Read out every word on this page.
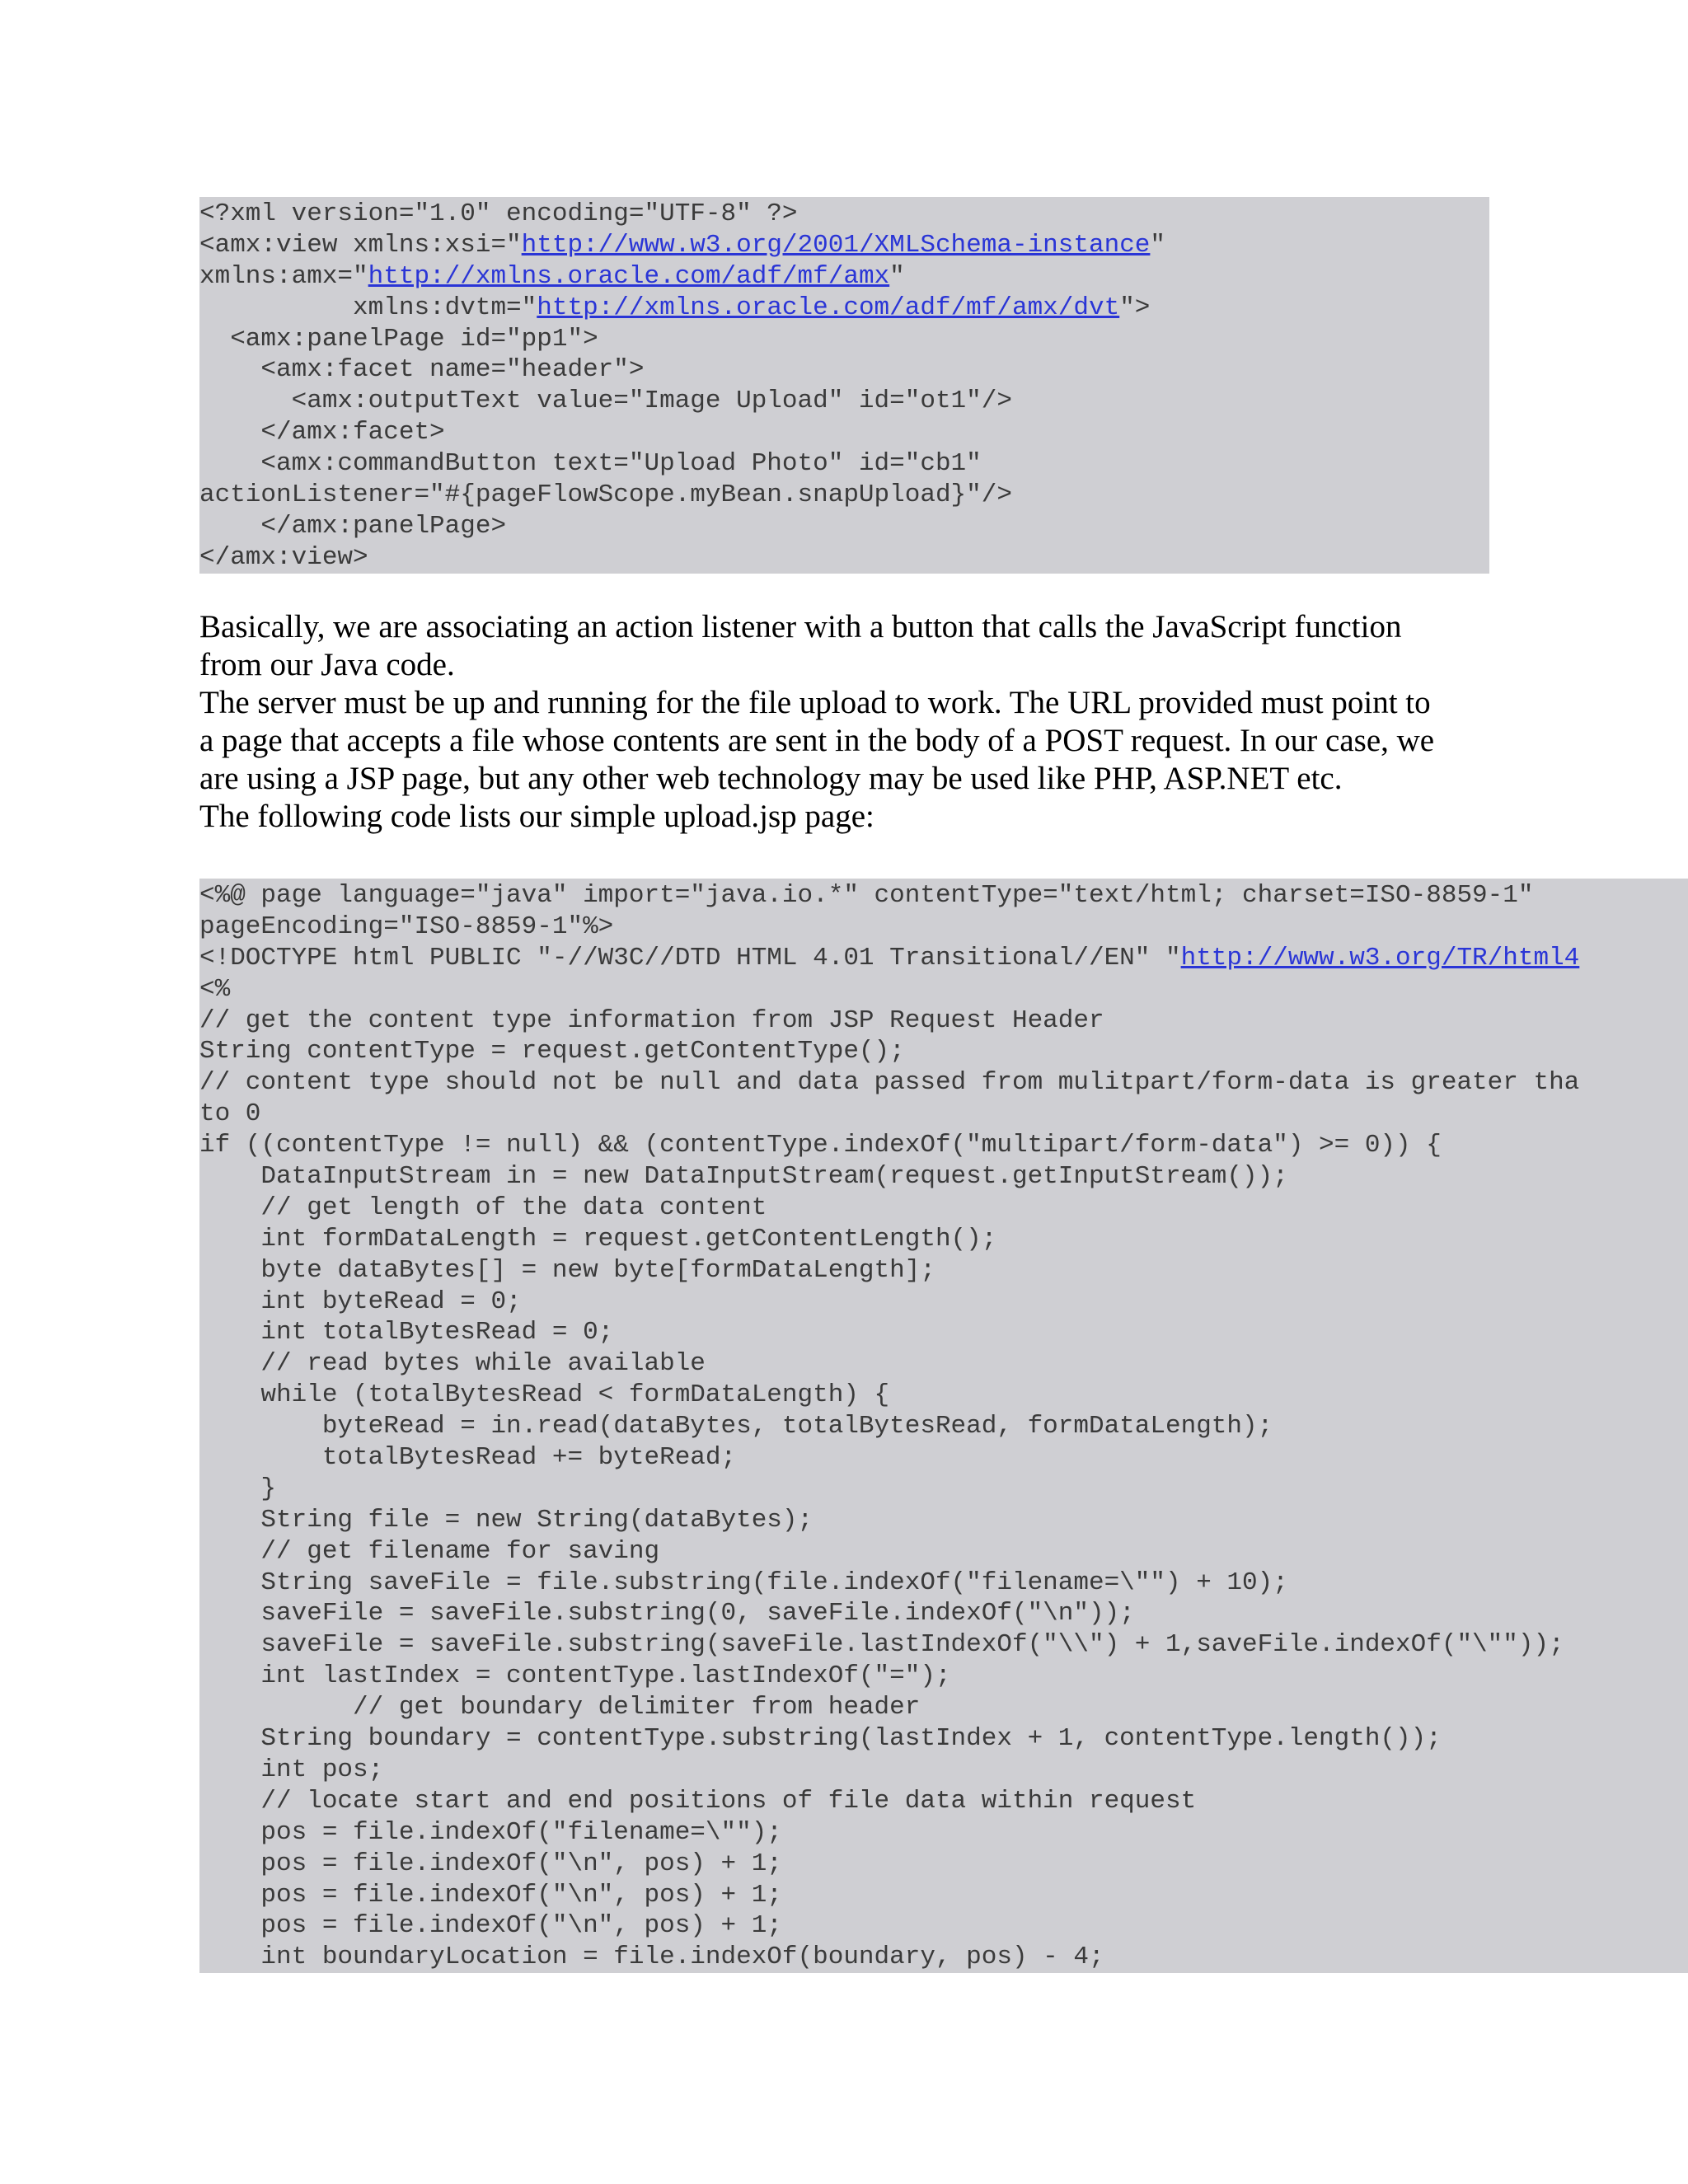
<?xml version="1.0" encoding="UTF-8" ?>
<amx:view xmlns:xsi="http://www.w3.org/2001/XMLSchema-instance"
xmlns:amx="http://xmlns.oracle.com/adf/mf/amx"
xmlns:dvtm="http://xmlns.oracle.com/adf/mf/amx/dvt">
<amx:panelPage id="pp1">
<amx:facet name="header">
<amx:outputText value="Image Upload" id="ot1"/>
</amx:facet>
<amx:commandButton text="Upload Photo" id="cb1"
actionListener="#{pageFlowScope.myBean.snapUpload}"/>
</amx:panelPage>
</amx:view>
Basically, we are associating an action listener with a button that calls the JavaScript function
from our Java code.
The server must be up and running for the file upload to work. The URL provided must point to
a page that accepts a file whose contents are sent in the body of a POST request. In our case, we
are using a JSP page, but any other web technology may be used like PHP, ASP.NET etc.
The following code lists our simple upload.jsp page:
<%@ page language="java" import="java.io.*" contentType="text/html; charset=ISO-8859-1"
pageEncoding="ISO-8859-1"%>
<!DOCTYPE html PUBLIC "-//W3C//DTD HTML 4.01 Transitional//EN" "http://www.w3.org/TR/html4
<%
// get the content type information from JSP Request Header
String contentType = request.getContentType();
// content type should not be null and data passed from mulitpart/form-data is greater tha
to 0
if ((contentType != null) && (contentType.indexOf("multipart/form-data") >= 0)) {
DataInputStream in = new DataInputStream(request.getInputStream());
// get length of the data content
int formDataLength = request.getContentLength();
byte dataBytes[] = new byte[formDataLength];
int byteRead = 0;
int totalBytesRead = 0;
// read bytes while available
while (totalBytesRead < formDataLength) {
byteRead = in.read(dataBytes, totalBytesRead, formDataLength);
totalBytesRead += byteRead;
}
String file = new String(dataBytes);
// get filename for saving
String saveFile = file.substring(file.indexOf("filename=\"") + 10);
saveFile = saveFile.substring(0, saveFile.indexOf("\n"));
saveFile = saveFile.substring(saveFile.lastIndexOf("\\") + 1,saveFile.indexOf("\""));
int lastIndex = contentType.lastIndexOf("=");
// get boundary delimiter from header
String boundary = contentType.substring(lastIndex + 1, contentType.length());
int pos;
// locate start and end positions of file data within request
pos = file.indexOf("filename=\"");
pos = file.indexOf("\n", pos) + 1;
pos = file.indexOf("\n", pos) + 1;
pos = file.indexOf("\n", pos) + 1;
int boundaryLocation = file.indexOf(boundary, pos) - 4;
